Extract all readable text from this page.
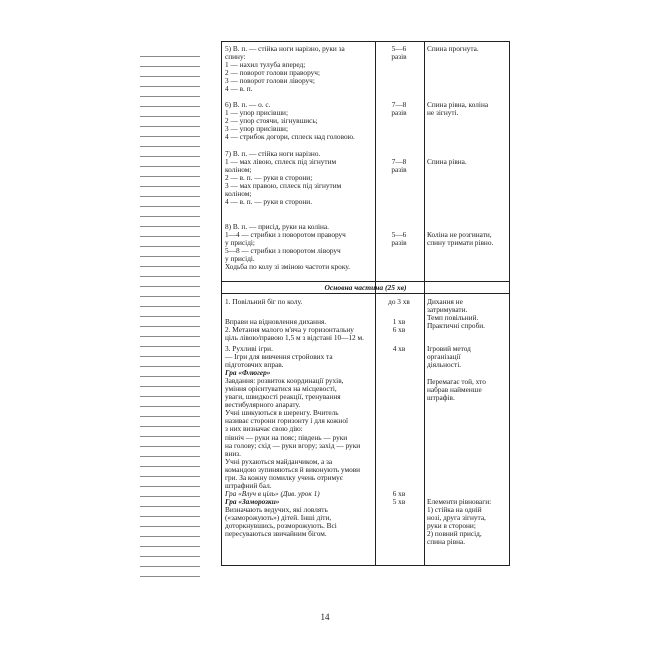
5) В. п. — стійка ноги нарізно, руки за
спину:
1 — нахил тулуба вперед;
2 — поворот голови праворуч;
3 — поворот голови ліворуч;
4 — в. п.
5—6
разів
Спина прогнута.
6) В. п. — о. с.
1 — упор присівши;
2 — упор стоячи, зігнувшись;
3 — упор присівши;
4 — стрибок догори, сплеск над головою.
7—8
разів
Спина рівна, коліна
не зігнуті.
7) В. п. — стійка ноги нарізно.
1 — мах лівою, сплеск під зігнутим
коліном;
2 — в. п. — руки в сторони;
3 — мах правою, сплеск під зігнутим
коліном;
4 — в. п. — руки в сторони.
7—8
разів
Спина рівна.
8) В. п. — присід, руки на коліна.
1—4 — стрибки з поворотом праворуч
у присіді;
5—8 — стрибки з поворотом ліворуч
у присіді.
Ходьба по колу зі зміною частоти кроку.
5—6
разів
Коліна не розгинати,
спину тримати рівно.
Основна частина (25 хв)
1. Повільний біг по колу.	до 3 хв	Дихання не
затримувати.
Темп повільний.
Практичні спроби.
Вправи на відновлення дихання.
2. Метання малого м'яча у горизонтальну
ціль лівою/правою 1,5 м з відстані 10—12 м.
1 хв
6 хв
3. Рухливі ігри.
— Ігри для вивчення стройових та
підготовчих вправ.
Гра «Флюгер»
Завдання: розвиток координації рухів,
уміння орієнтуватися на місцевості,
уваги, швидкості реакції, тренування
вестибулярного апарату.
Учні шикуються в шеренгу. Вчитель
називає сторони горизонту і для кожної
з них визначає свою дію:
північ — руки на пояс; південь — руки
на голову; схід — руки вгору; захід — руки
вниз.
Учні рухаються майданчиком, а за
командою зупиняються й виконують умови
гри. За кожну помилку учень отримує
штрафний бал.
Гра «Влуч в ціль» (Див. урок 1)
Гра «Заморозки»
Визначають ведучих, які ловлять
(«заморожують») дітей. Інші діти,
доторкнувшись, розморожують. Всі
пересуваються звичайним бігом.
4 хв
6 хв
5 хв
Ігровий метод
організації
діяльності.
Перемагає той, хто
набрав найменше
штрафів.
Елементи рівноваги:
1) стійка на одній
нозі, друга зігнута,
руки в сторони;
2) повний присід,
спина рівна.
14
